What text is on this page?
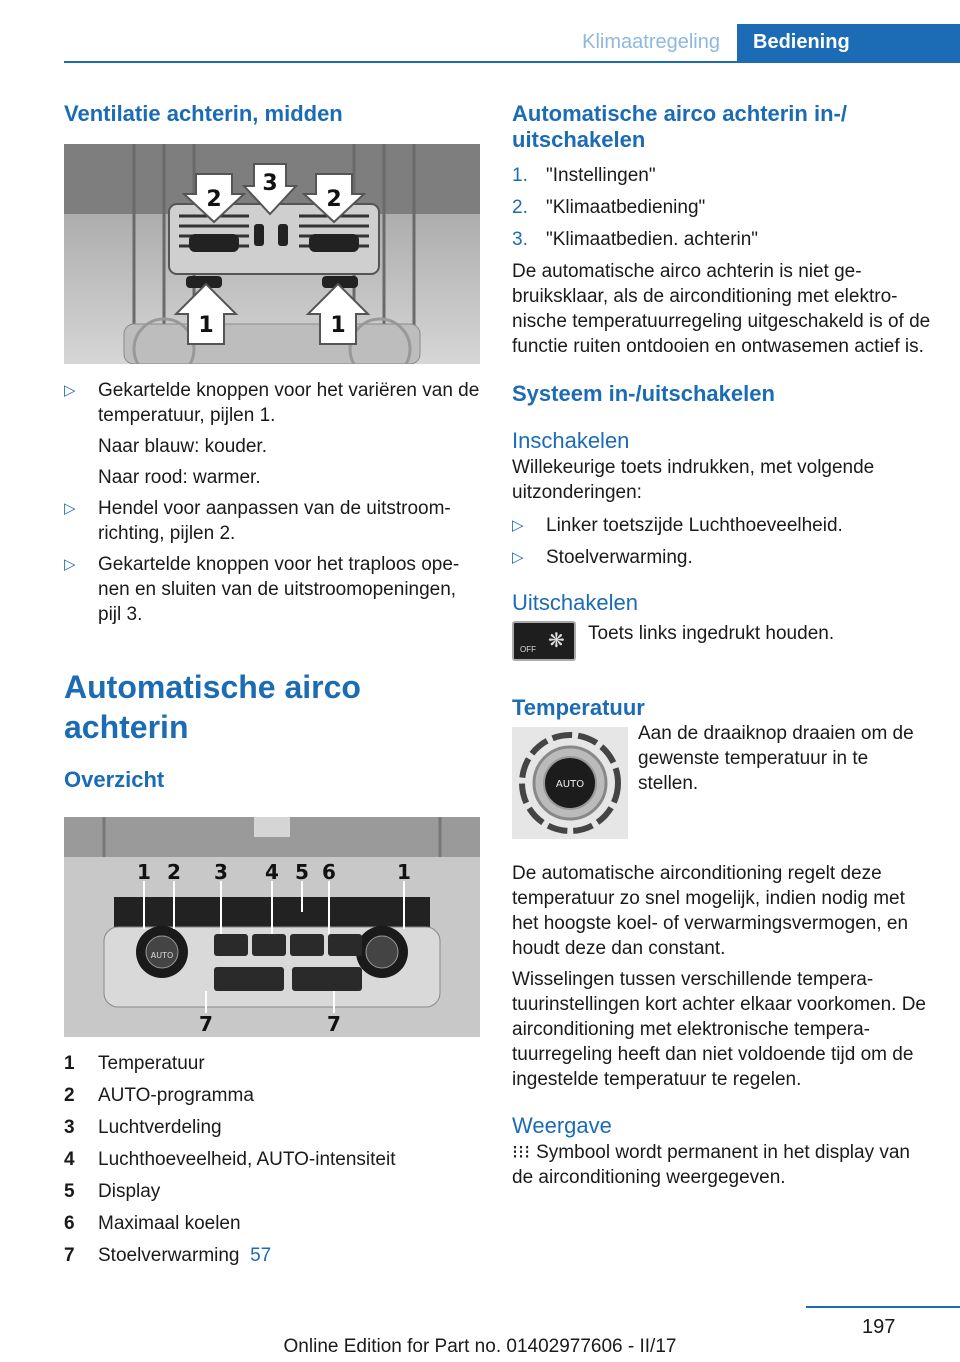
Klimaatregeling	Bediening
Ventilatie achterin, midden
2
3
2
1	1
▷ Gekartelde knoppen voor het variëren van de temperatuur, pijlen 1.

Naar blauw: kouder.

Naar rood: warmer.

▷ Hendel voor aanpassen van de uitstroom-richting, pijlen 2.

▷ Gekartelde knoppen voor het traploos ope-nen en sluiten van de uitstroomopeningen, pijl 3.

Automatische airco achterin
Overzicht
AUTO
1 2 3 4 5 6	1
7	7
1 Temperatuur
2 AUTO-programma
3 Luchtverdeling
4 Luchthoeveelheid, AUTO-intensiteit
5 Display
6 Maximaal koelen
7 Stoelverwarming 57
Automatische airco achterin in-/ uitschakelen
1. "Instellingen"
2. "Klimaatbediening"
3. "Klimaatbedien. achterin"

De automatische airco achterin is niet ge-bruiksklaar, als de airconditioning met elektro-nische temperatuurregeling uitgeschakeld is of de functie ruiten ontdooien en ontwasemen actief is.

Systeem in-/uitschakelen
Inschakelen

Willekeurige toets indrukken, met volgende uitzonderingen:

▷ Linker toetszijde Luchthoeveelheid.
▷ Stoelverwarming.
Uitschakelen
OFF ❋ Toets links ingedrukt houden.
Temperatuur
AUTO

Aan de draaiknop draaien om de gewenste temperatuur in te stellen.

De automatische airconditioning regelt deze temperatuur zo snel mogelijk, indien nodig met het hoogste koel- of verwarmingsvermogen, en houdt deze dan constant.

Wisselingen tussen verschillende tempera-tuurinstellingen kort achter elkaar voorkomen. De airconditioning met elektronische tempera-tuurregeling heeft dan niet voldoende tijd om de ingestelde temperatuur te regelen.

Weergave

⁝⁝⁝ Symbool wordt permanent in het display van de airconditioning weergegeven.

197
Online Edition for Part no. 01402977606 - II/17
